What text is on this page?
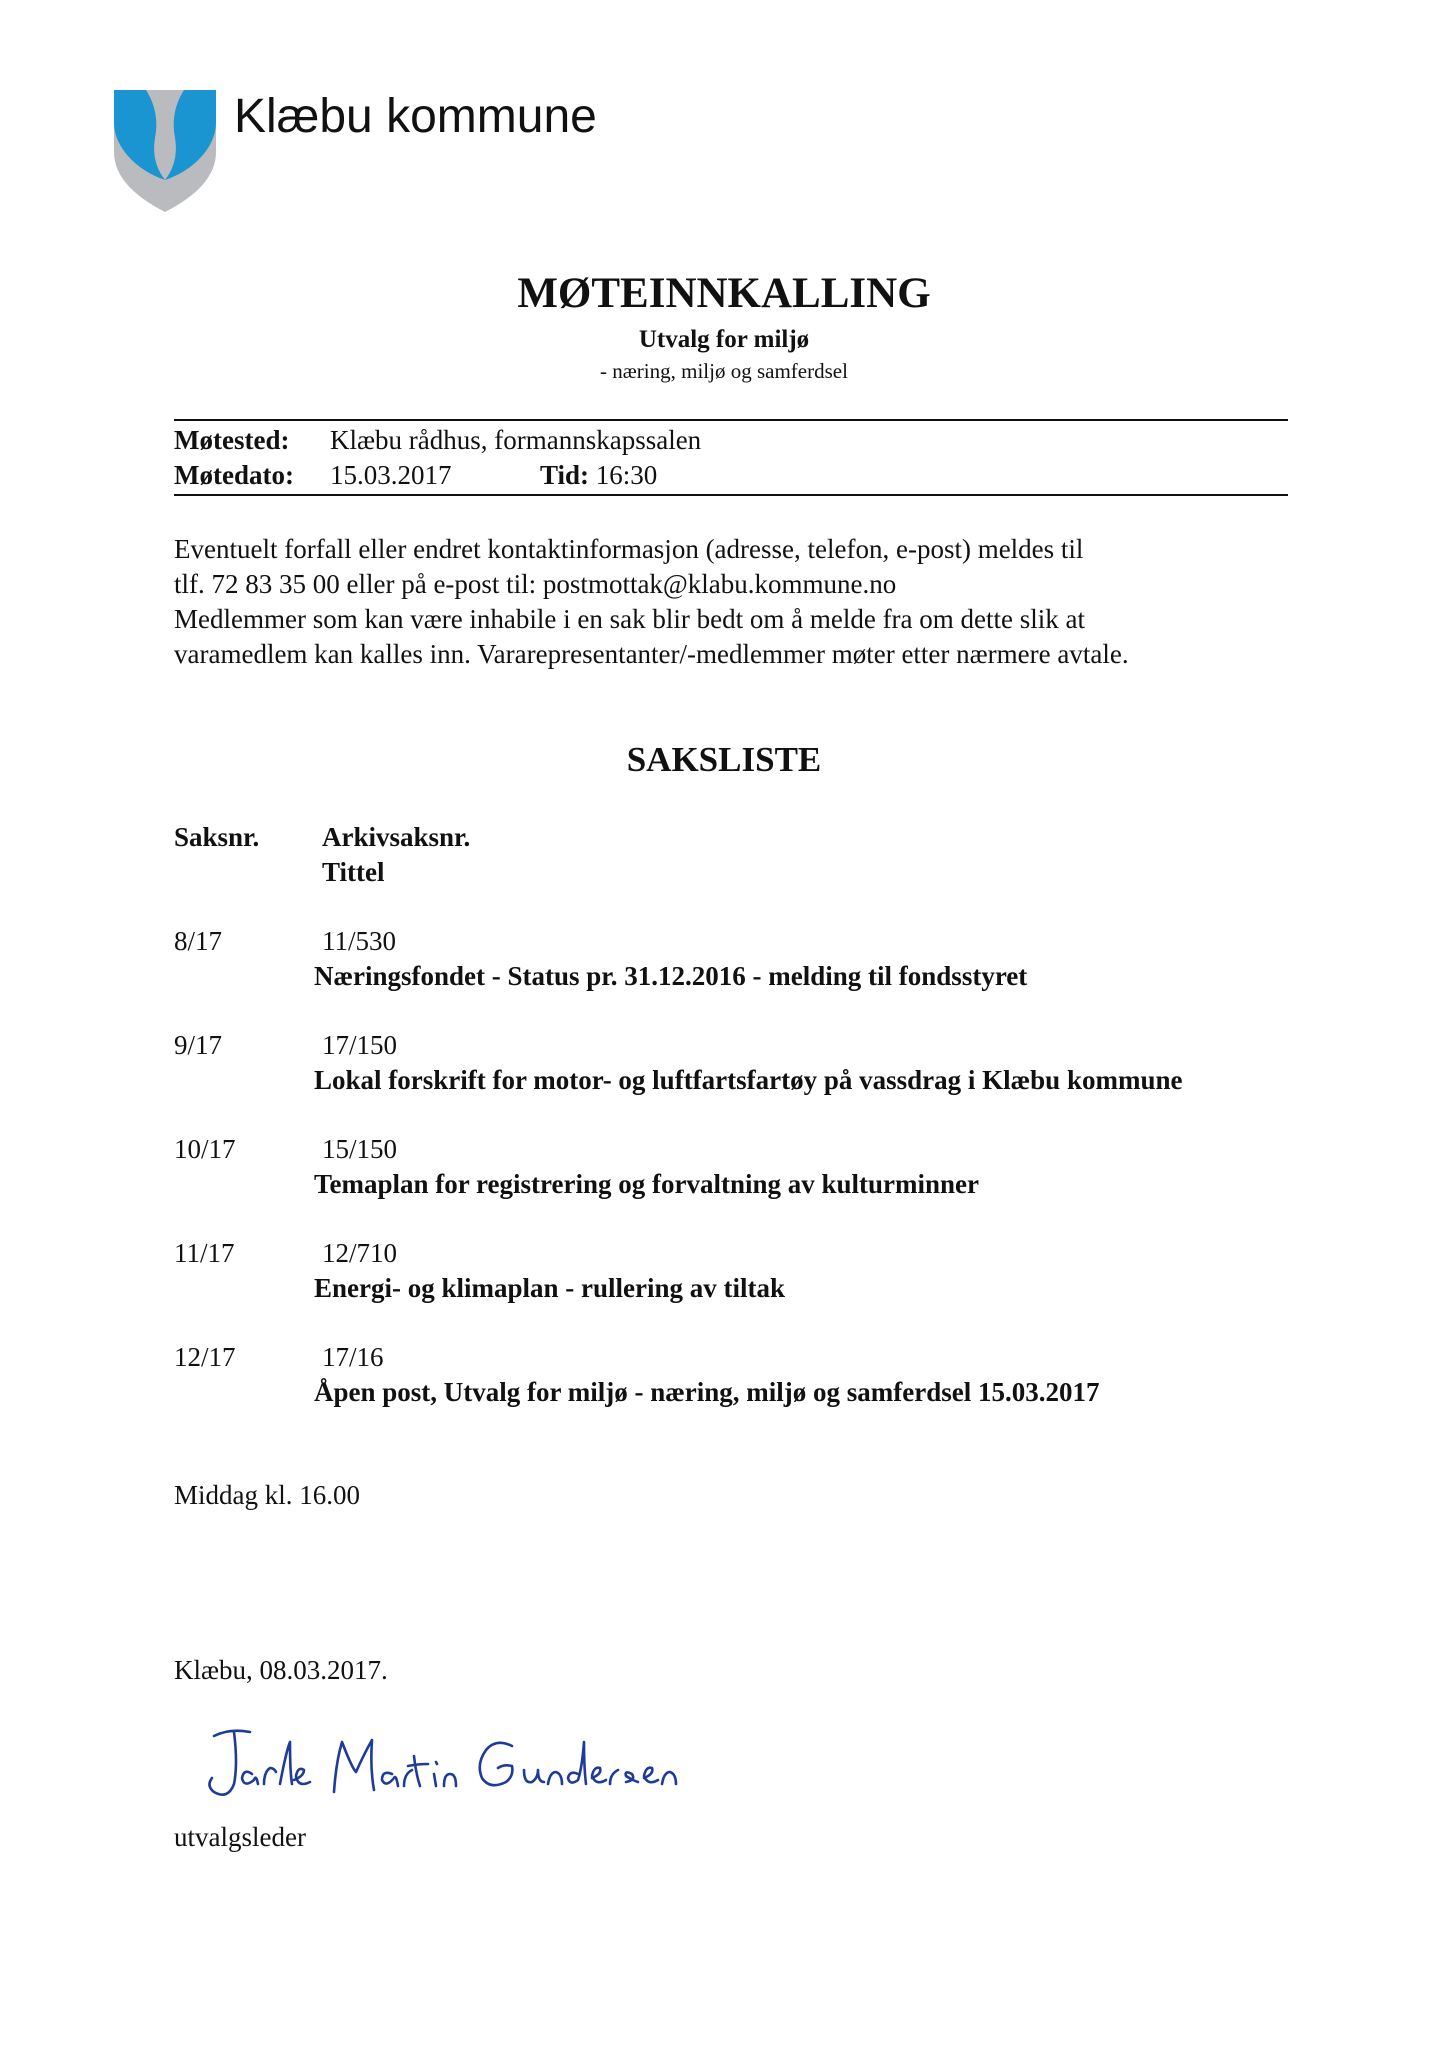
Klæbu kommune
MØTEINNKALLING
Utvalg for miljø
- næring, miljø og samferdsel
Møtested: Klæbu rådhus, formannskapssalen
Møtedato: 15.03.2017	Tid: 16:30

Eventuelt forfall eller endret kontaktinformasjon (adresse, telefon, e-post) meldes til

tlf. 72 83 35 00 eller på e-post til: postmottak@klabu.kommune.no

Medlemmer som kan være inhabile i en sak blir bedt om å melde fra om dette slik at

varamedlem kan kalles inn. Vararepresentanter/-medlemmer møter etter nærmere avtale.

SAKSLISTE
Saksnr. Arkivsaksnr.
Tittel
8/17	11/530
Næringsfondet - Status pr. 31.12.2016 - melding til fondsstyret
9/17	17/150
Lokal forskrift for motor- og luftfartsfartøy på vassdrag i Klæbu kommune
10/17	15/150
Temaplan for registrering og forvaltning av kulturminner
11/17	12/710
Energi- og klimaplan - rullering av tiltak
12/17	17/16
Åpen post, Utvalg for miljø - næring, miljø og samferdsel 15.03.2017
Middag kl. 16.00
Klæbu, 08.03.2017.
utvalgsleder
